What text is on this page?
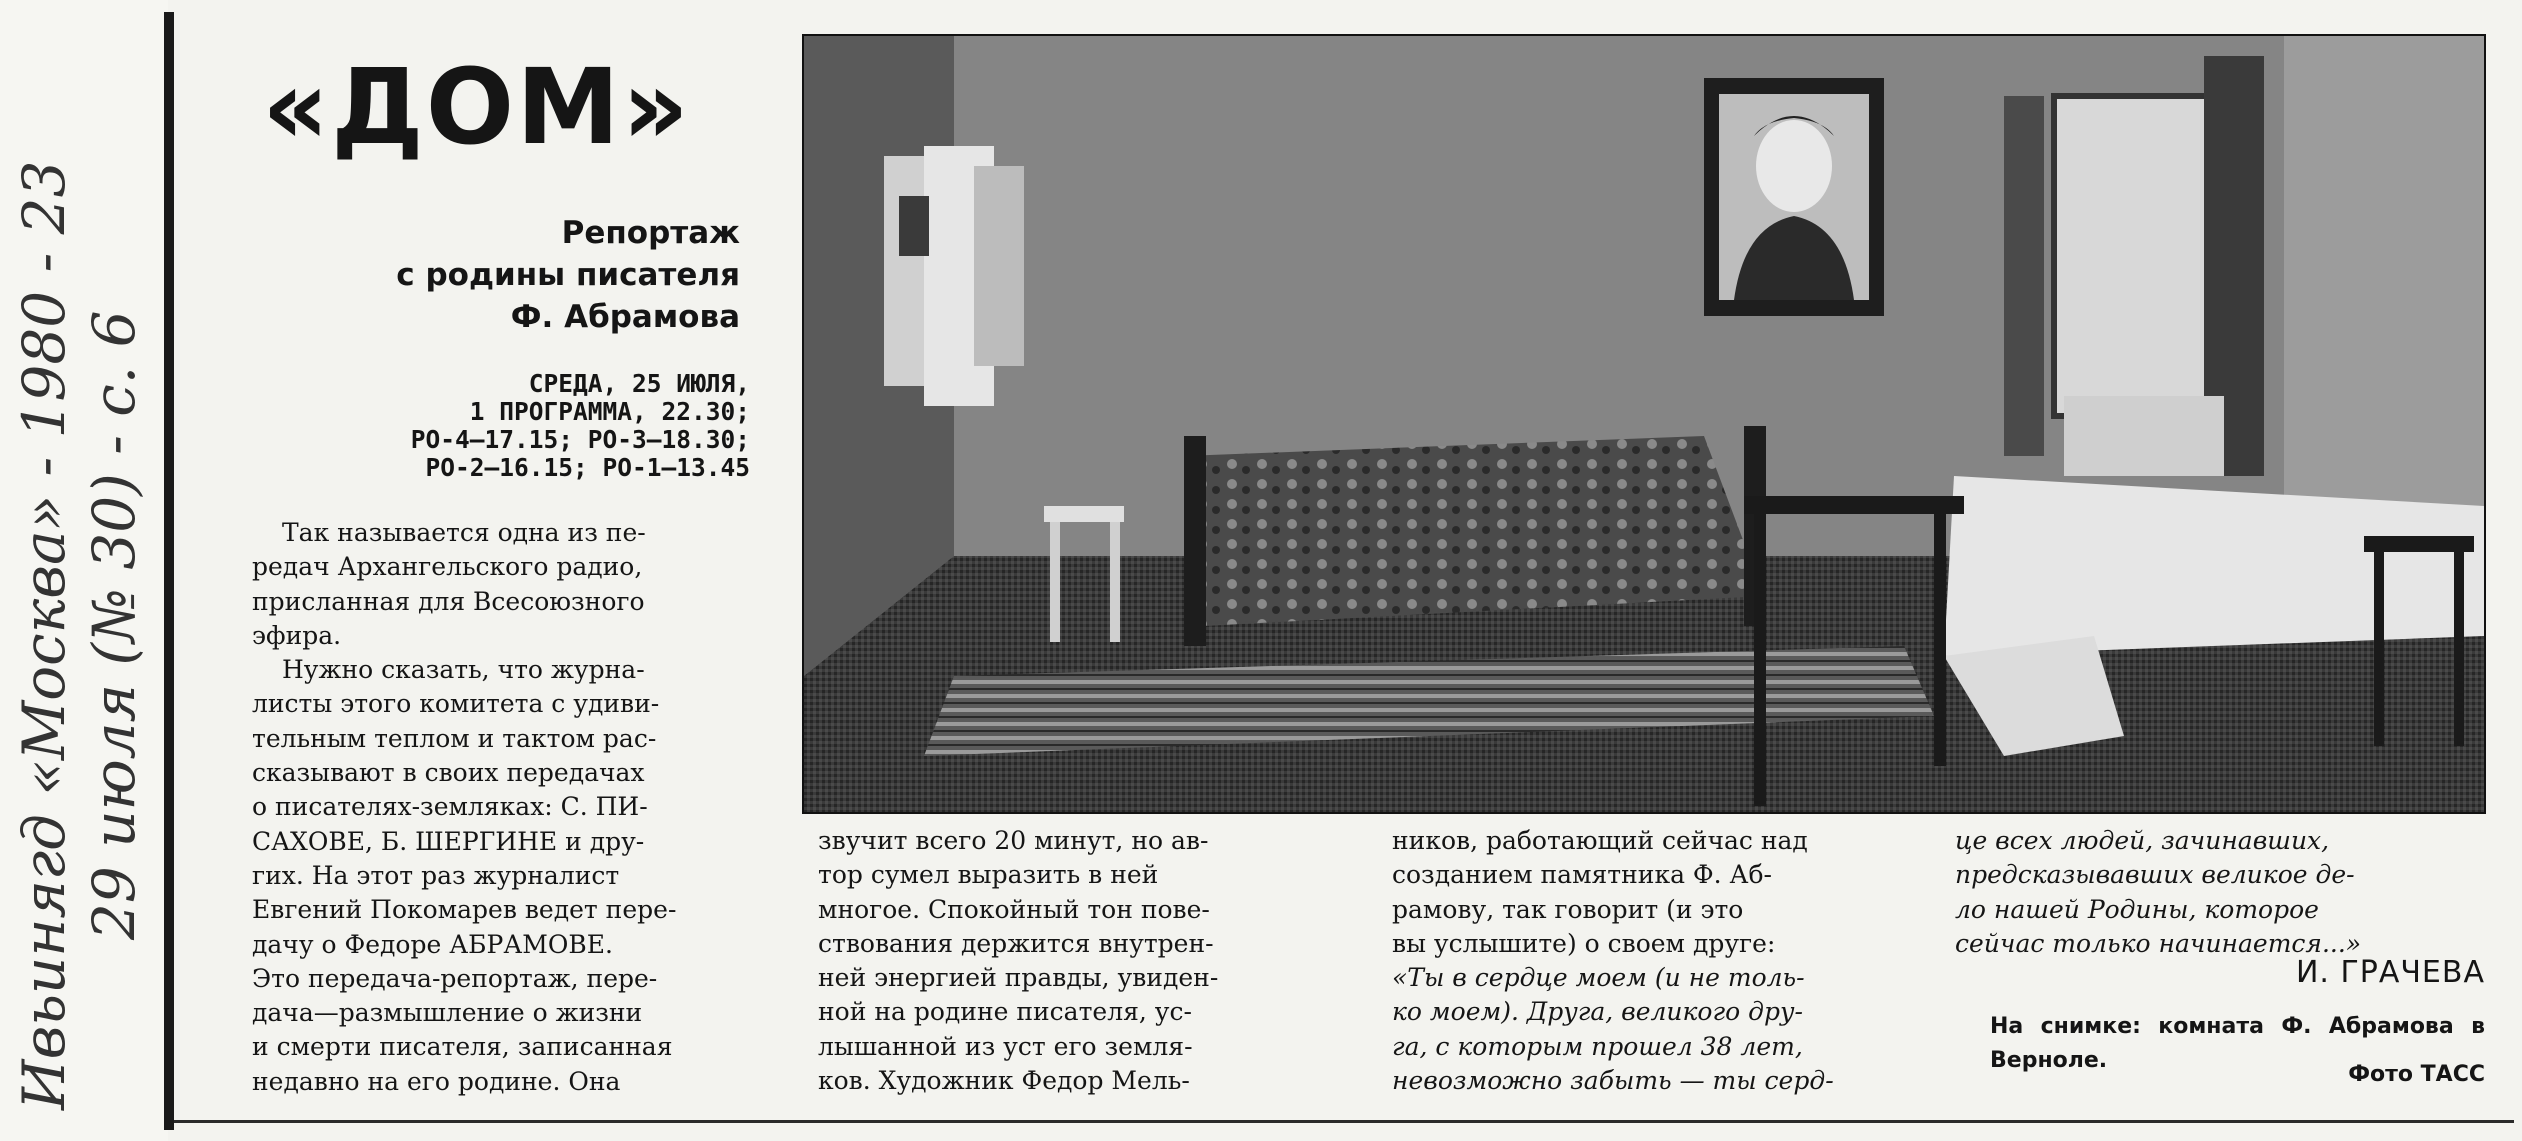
Ивьинягд «Москва» - 1980 - 23 29 июля (№ 30) - с. 6
«ДОМ»
Репортаж
с родины писателя
Ф. Абрамова
СРЕДА, 25 ИЮЛЯ,
1 ПРОГРАММА, 22.30;
РО-4—17.15; РО-3—18.30;
РО-2—16.15; РО-1—13.45
Так называется одна из пе-
редач Архангельского радио,
присланная для Всесоюзного
эфира.
Нужно сказать, что журна-
листы этого комитета с удиви-
тельным теплом и тактом рас-
сказывают в своих передачах
о писателях-земляках: С. ПИ-
САХОВЕ, Б. ШЕРГИНЕ и дру-
гих. На этот раз журналист
Евгений Покомарев ведет пере-
дачу о Федоре АБРАМОВЕ.
Это передача-репортаж, пере-
дача—размышление о жизни
и смерти писателя, записанная
недавно на его родине. Она
звучит всего 20 минут, но ав-
тор сумел выразить в ней
многое. Спокойный тон пове-
ствования держится внутрен-
ней энергией правды, увиден-
ной на родине писателя, ус-
лышанной из уст его земля-
ков. Художник Федор Мель-
ников, работающий сейчас над
созданием памятника Ф. Аб-
рамову, так говорит (и это
вы услышите) о своем друге:
«Ты в сердце моем (и не толь-
ко моем). Друга, великого дру-
га, с которым прошел 38 лет,
невозможно забыть — ты серд-
це всех людей, зачинавших,
предсказывавших великое де-
ло нашей Родины, которое
сейчас только начинается...»
И. ГРАЧЕВА
На снимке: комната Ф. Абрамова в Верноле.
Фото ТАСС
